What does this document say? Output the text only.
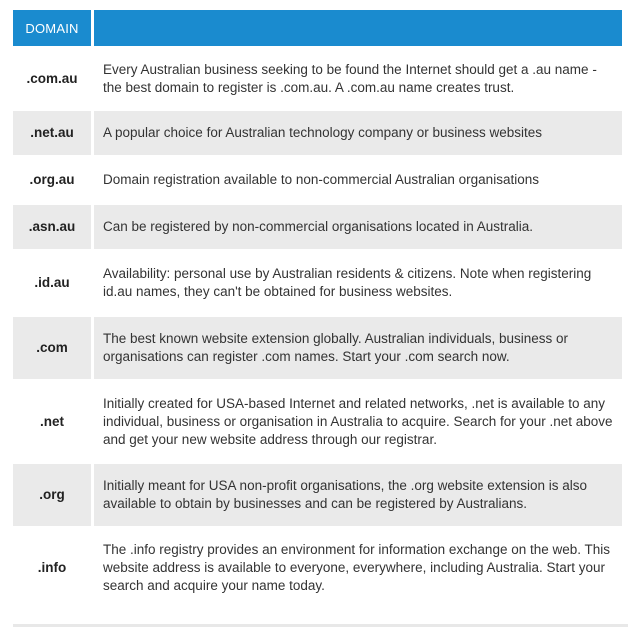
DOMAIN	
.com.au	Every Australian business seeking to be found the Internet should get a .au name - the best domain to register is .com.au. A .com.au name creates trust.
.net.au	A popular choice for Australian technology company or business websites
.org.au	Domain registration available to non-commercial Australian organisations
.asn.au	Can be registered by non-commercial organisations located in Australia.
.id.au	Availability: personal use by Australian residents & citizens. Note when registering id.au names, they can't be obtained for business websites.
.com	The best known website extension globally. Australian individuals, business or organisations can register .com names. Start your .com search now.
.net	Initially created for USA-based Internet and related networks, .net is available to any individual, business or organisation in Australia to acquire. Search for your .net above and get your new website address through our registrar.
.org	Initially meant for USA non-profit organisations, the .org website extension is also available to obtain by businesses and can be registered by Australians.
.info	The .info registry provides an environment for information exchange on the web. This website address is available to everyone, everywhere, including Australia. Start your search and acquire your name today.
